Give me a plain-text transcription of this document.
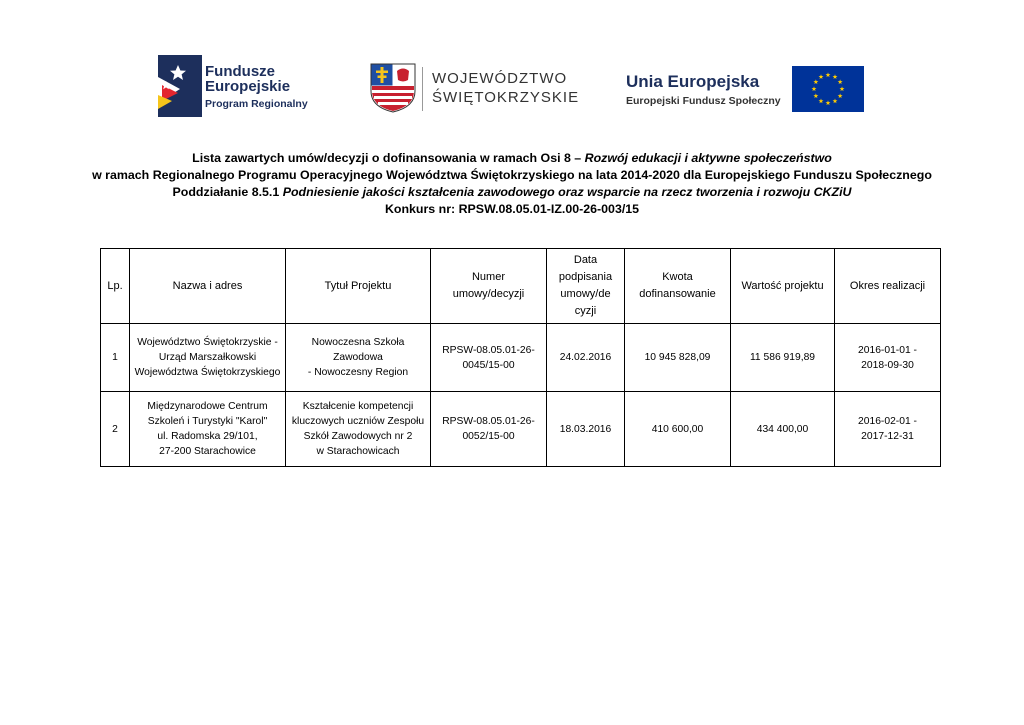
Fundusze
Europejskie
Program Regionalny
WOJEWÓDZTWO
ŚWIĘTOKRZYSKIE
Unia Europejska
Europejski Fundusz Społeczny
Lista zawartych umów/decyzji o dofinansowania w ramach Osi 8 – Rozwój edukacji i aktywne społeczeństwo
w ramach Regionalnego Programu Operacyjnego Województwa Świętokrzyskiego na lata 2014-2020 dla Europejskiego Funduszu Społecznego
Poddziałanie 8.5.1 Podniesienie jakości kształcenia zawodowego oraz wsparcie na rzecz tworzenia i rozwoju CKZiU
Konkurs nr: RPSW.08.05.01-IZ.00-26-003/15
Lp.	Nazwa i adres	Tytuł Projektu	Numer
umowy/decyzji	Data
podpisania
umowy/de
cyzji	Kwota
dofinansowanie	Wartość projektu	Okres realizacji
1	Województwo Świętokrzyskie -
Urząd Marszałkowski
Województwa Świętokrzyskiego	Nowoczesna Szkoła Zawodowa
- Nowoczesny Region	RPSW-08.05.01-26-
0045/15-00	24.02.2016	10 945 828,09	11 586 919,89	2016-01-01 -
2018-09-30

2	Międzynarodowe Centrum
Szkoleń i Turystyki "Karol"
ul. Radomska 29/101,
27-200 Starachowice	Kształcenie kompetencji
kluczowych uczniów Zespołu
Szkół Zawodowych nr 2
w Starachowicach	RPSW-08.05.01-26-
0052/15-00	18.03.2016	410 600,00	434 400,00	2016-02-01 -
2017-12-31
